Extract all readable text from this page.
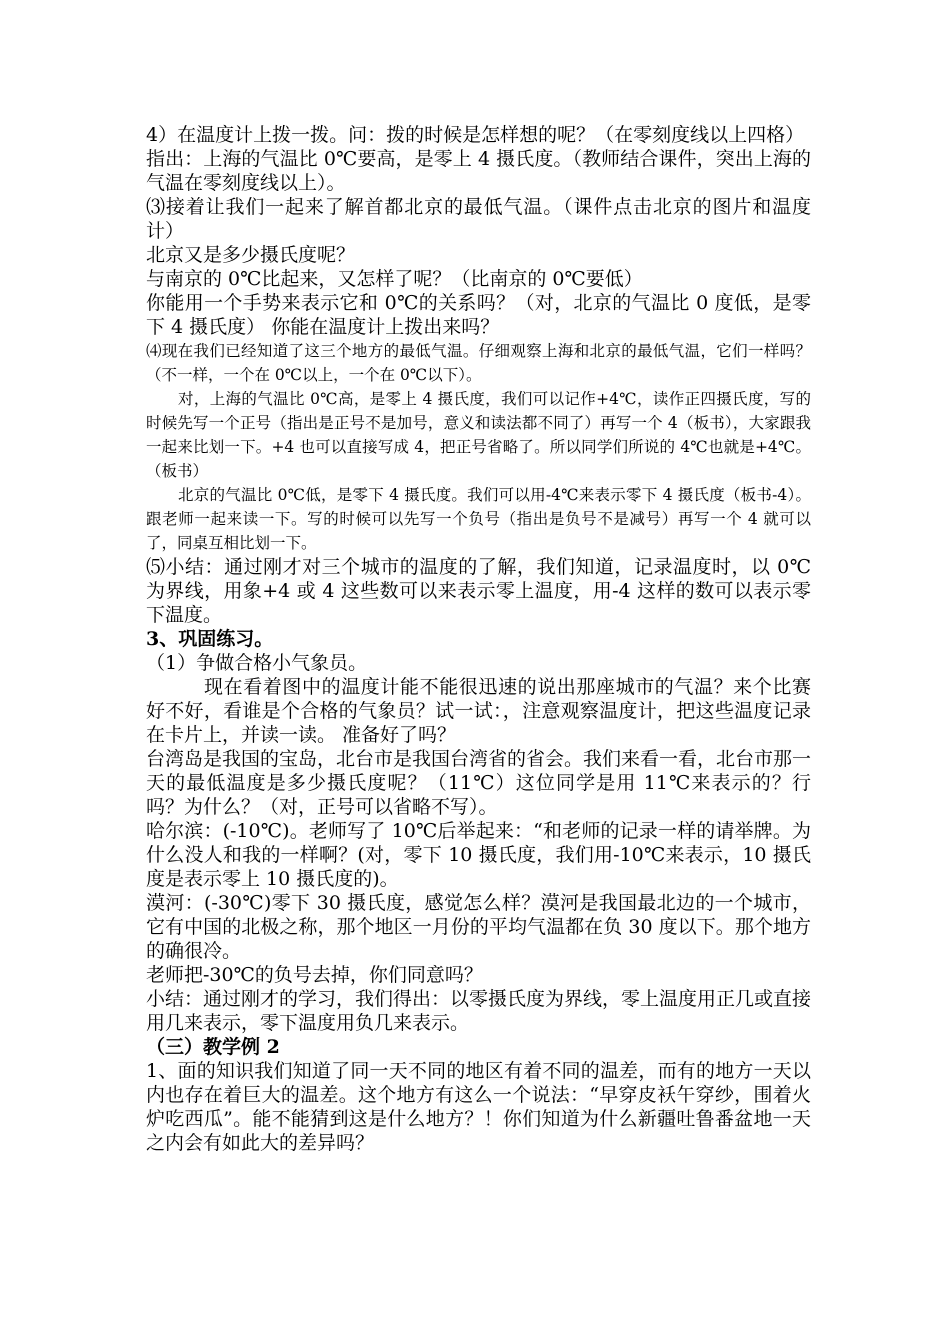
4）在温度计上拨一拨。问：拨的时候是怎样想的呢？（在零刻度线以上四格）

指出：上海的气温比 0℃要高，是零上 4 摄氏度。（教师结合课件，突出上海的气温在零刻度线以上）。

⑶接着让我们一起来了解首都北京的最低气温。（课件点击北京的图片和温度计）

北京又是多少摄氏度呢？

与南京的 0℃比起来，又怎样了呢？（比南京的 0℃要低）

你能用一个手势来表示它和 0℃的关系吗？（对，北京的气温比 0 度低，是零下 4 摄氏度） 你能在温度计上拨出来吗？

⑷现在我们已经知道了这三个地方的最低气温。仔细观察上海和北京的最低气温，它们一样吗？（不一样，一个在 0℃以上，一个在 0℃以下）。

对，上海的气温比 0℃高，是零上 4 摄氏度，我们可以记作+4℃，读作正四摄氏度，写的时候先写一个正号（指出是正号不是加号，意义和读法都不同了）再写一个 4（板书），大家跟我一起来比划一下。+4 也可以直接写成 4，把正号省略了。所以同学们所说的 4℃也就是+4℃。（板书）

北京的气温比 0℃低，是零下 4 摄氏度。我们可以用-4℃来表示零下 4 摄氏度（板书-4）。跟老师一起来读一下。写的时候可以先写一个负号（指出是负号不是减号）再写一个 4 就可以了，同桌互相比划一下。

⑸小结：通过刚才对三个城市的温度的了解，我们知道，记录温度时，以 0℃为界线，用象+4 或 4 这些数可以来表示零上温度，用-4 这样的数可以表示零下温度。

3、巩固练习。

（1）争做合格小气象员。

现在看着图中的温度计能不能很迅速的说出那座城市的气温？来个比赛好不好，看谁是个合格的气象员？试一试：，注意观察温度计，把这些温度记录在卡片上，并读一读。 准备好了吗？

台湾岛是我国的宝岛，北台市是我国台湾省的省会。我们来看一看，北台市那一天的最低温度是多少摄氏度呢？（11℃）这位同学是用 11℃来表示的？行吗？为什么？（对，正号可以省略不写）。

哈尔滨：(-10℃)。老师写了 10℃后举起来：“和老师的记录一样的请举牌。为什么没人和我的一样啊？(对，零下 10 摄氏度，我们用-10℃来表示，10 摄氏度是表示零上 10 摄氏度的)。

漠河：(-30℃)零下 30 摄氏度，感觉怎么样？漠河是我国最北边的一个城市，它有中国的北极之称，那个地区一月份的平均气温都在负 30 度以下。那个地方的确很冷。

老师把-30℃的负号去掉，你们同意吗？

小结：通过刚才的学习，我们得出：以零摄氏度为界线，零上温度用正几或直接用几来表示，零下温度用负几来表示。

（三）教学例 2

1、面的知识我们知道了同一天不同的地区有着不同的温差，而有的地方一天以内也存在着巨大的温差。这个地方有这么一个说法：“早穿皮袄午穿纱，围着火炉吃西瓜”。能不能猜到这是什么地方？！你们知道为什么新疆吐鲁番盆地一天之内会有如此大的差异吗？
